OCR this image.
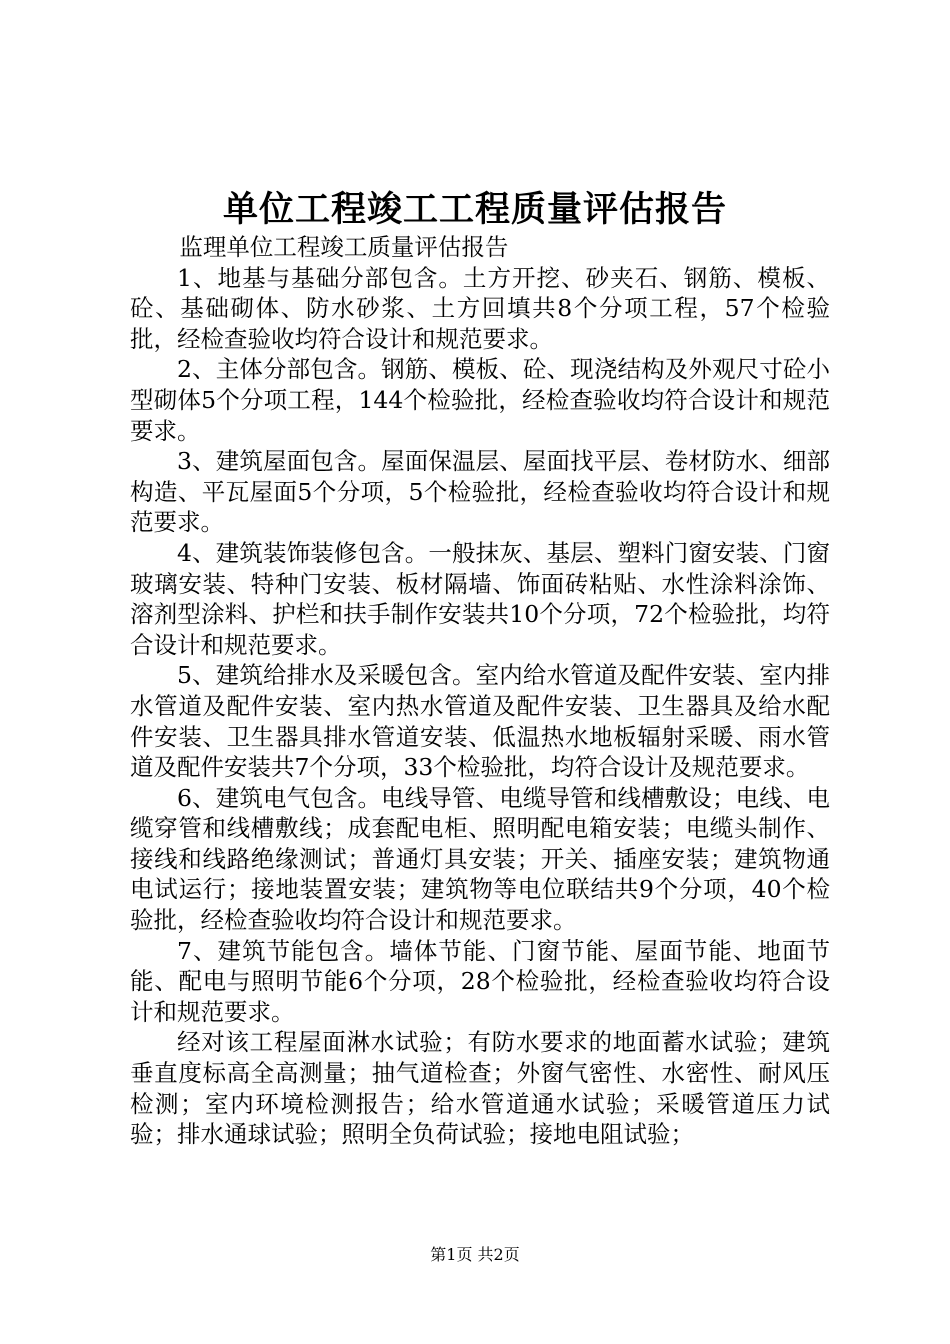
单位工程竣工工程质量评估报告

监理单位工程竣工质量评估报告

1、地基与基础分部包含。土方开挖、砂夹石、钢筋、模板、砼、基础砌体、防水砂浆、土方回填共8个分项工程，57个检验批，经检查验收均符合设计和规范要求。

2、主体分部包含。钢筋、模板、砼、现浇结构及外观尺寸砼小型砌体5个分项工程，144个检验批，经检查验收均符合设计和规范要求。

3、建筑屋面包含。屋面保温层、屋面找平层、卷材防水、细部构造、平瓦屋面5个分项，5个检验批，经检查验收均符合设计和规范要求。

4、建筑装饰装修包含。一般抹灰、基层、塑料门窗安装、门窗玻璃安装、特种门安装、板材隔墙、饰面砖粘贴、水性涂料涂饰、溶剂型涂料、护栏和扶手制作安装共10个分项，72个检验批，均符合设计和规范要求。

5、建筑给排水及采暖包含。室内给水管道及配件安装、室内排水管道及配件安装、室内热水管道及配件安装、卫生器具及给水配件安装、卫生器具排水管道安装、低温热水地板辐射采暖、雨水管道及配件安装共7个分项，33个检验批，均符合设计及规范要求。

6、建筑电气包含。电线导管、电缆导管和线槽敷设；电线、电缆穿管和线槽敷线；成套配电柜、照明配电箱安装；电缆头制作、接线和线路绝缘测试；普通灯具安装；开关、插座安装；建筑物通电试运行；接地装置安装；建筑物等电位联结共9个分项，40个检验批，经检查验收均符合设计和规范要求。

7、建筑节能包含。墙体节能、门窗节能、屋面节能、地面节能、配电与照明节能6个分项，28个检验批，经检查验收均符合设计和规范要求。

经对该工程屋面淋水试验；有防水要求的地面蓄水试验；建筑垂直度标高全高测量；抽气道检查；外窗气密性、水密性、耐风压检测；室内环境检测报告；给水管道通水试验；采暖管道压力试验；排水通球试验；照明全负荷试验；接地电阻试验；

第1页 共2页
